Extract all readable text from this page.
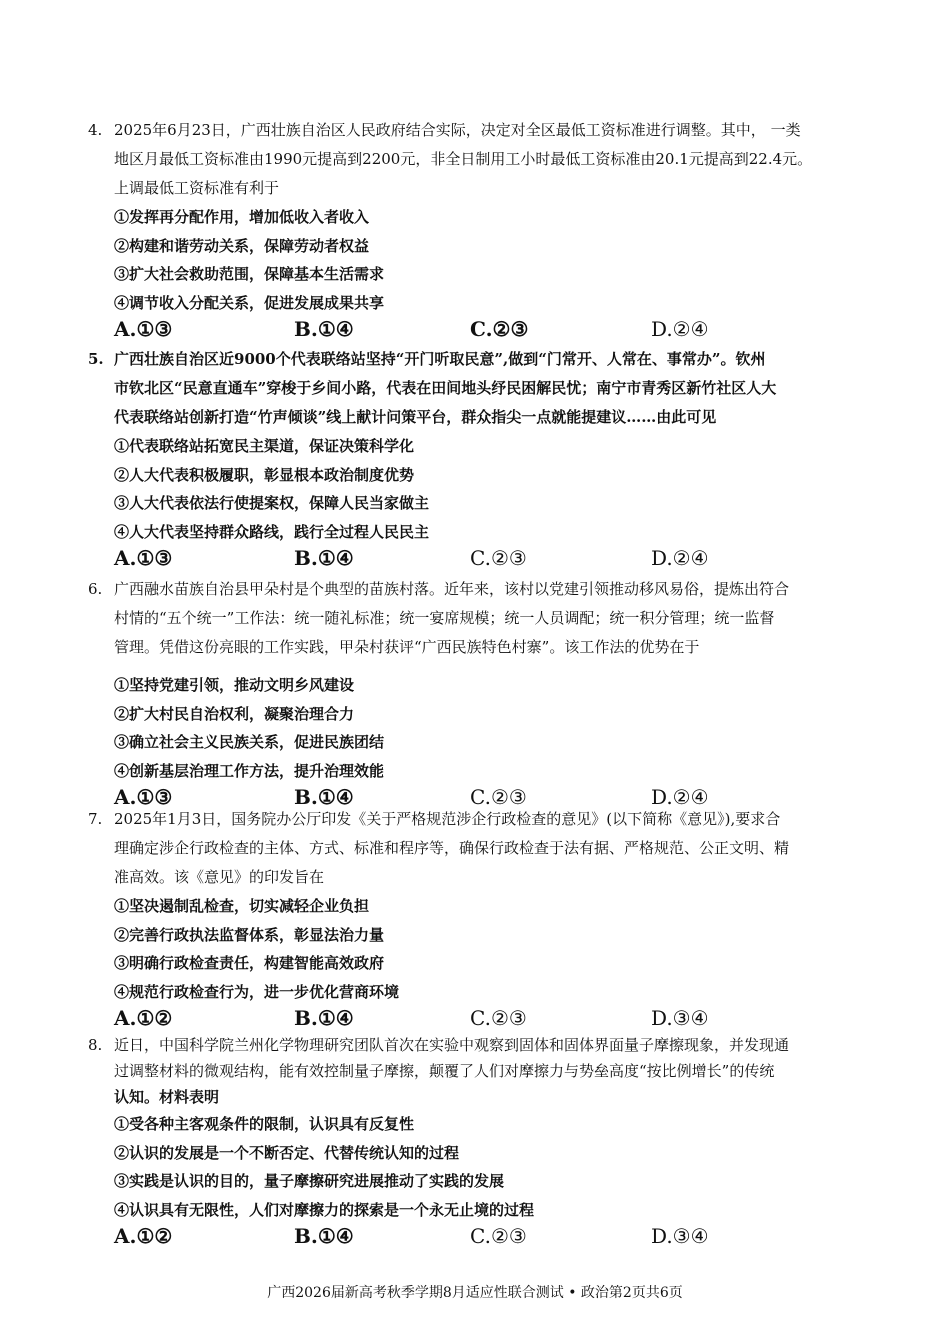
4. 2025年6月23日，广西壮族自治区人民政府结合实际，决定对全区最低工资标准进行调整。其中， 一类
地区月最低工资标准由1990元提高到2200元，非全日制用工小时最低工资标准由20.1元提高到22.4元。
上调最低工资标准有利于
①发挥再分配作用，增加低收入者收入
②构建和谐劳动关系，保障劳动者权益
③扩大社会救助范围，保障基本生活需求
④调节收入分配关系，促进发展成果共享
A.①③	B.①④	C.②③	D.②④
5. 广西壮族自治区近9000个代表联络站坚持“开门听取民意”,做到“门常开、人常在、事常办”。钦州
市钦北区“民意直通车”穿梭于乡间小路，代表在田间地头纾民困解民忧；南宁市青秀区新竹社区人大
代表联络站创新打造“竹声倾谈”线上献计问策平台，群众指尖一点就能提建议……由此可见
①代表联络站拓宽民主渠道，保证决策科学化
②人大代表积极履职，彰显根本政治制度优势
③人大代表依法行使提案权，保障人民当家做主
④人大代表坚持群众路线，践行全过程人民民主
A.①③	B.①④	C.②③	D.②④
6. 广西融水苗族自治县甲朵村是个典型的苗族村落。近年来，该村以党建引领推动移风易俗，提炼出符合
村情的“五个统一”工作法：统一随礼标准；统一宴席规模；统一人员调配；统一积分管理；统一监督
管理。凭借这份亮眼的工作实践，甲朵村获评“广西民族特色村寨”。该工作法的优势在于
①坚持党建引领，推动文明乡风建设
②扩大村民自治权利，凝聚治理合力
③确立社会主义民族关系，促进民族团结
④创新基层治理工作方法，提升治理效能
A.①③	B.①④	C.②③	D.②④
7. 2025年1月3日，国务院办公厅印发《关于严格规范涉企行政检查的意见》(以下简称《意见》),要求合
理确定涉企行政检查的主体、方式、标准和程序等，确保行政检查于法有据、严格规范、公正文明、精
准高效。该《意见》的印发旨在
①坚决遏制乱检查，切实减轻企业负担
②完善行政执法监督体系，彰显法治力量
③明确行政检查责任，构建智能高效政府
④规范行政检查行为，进一步优化营商环境
A.①②	B.①④	C.②③	D.③④
8. 近日，中国科学院兰州化学物理研究团队首次在实验中观察到固体和固体界面量子摩擦现象，并发现通
过调整材料的微观结构，能有效控制量子摩擦，颠覆了人们对摩擦力与势垒高度“按比例增长”的传统
认知。材料表明
①受各种主客观条件的限制，认识具有反复性
②认识的发展是一个不断否定、代替传统认知的过程
③实践是认识的目的，量子摩擦研究进展推动了实践的发展
④认识具有无限性，人们对摩擦力的探索是一个永无止境的过程
A.①②	B.①④	C.②③	D.③④
广西2026届新高考秋季学期8月适应性联合测试 • 政治第2页共6页
